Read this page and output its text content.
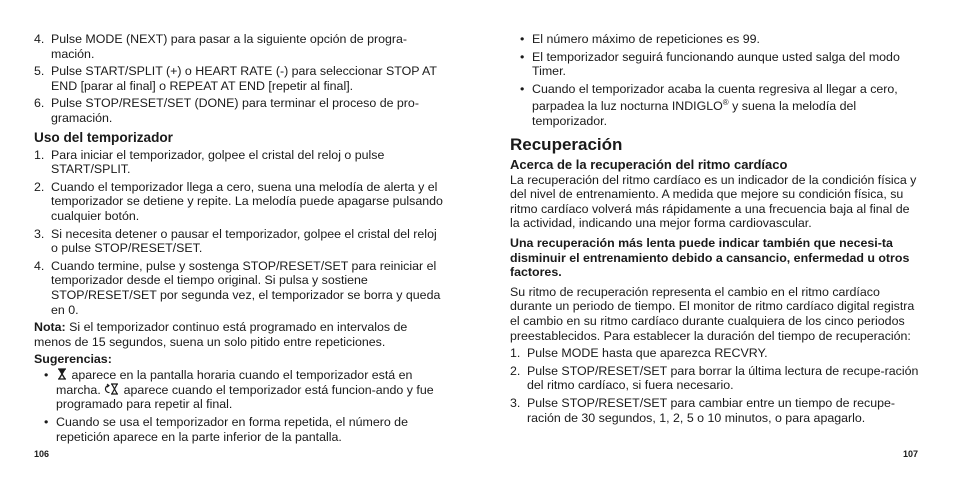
4. Pulse MODE (NEXT) para pasar a la siguiente opción de progra-mación.
5. Pulse START/SPLIT (+) o HEART RATE (-) para seleccionar STOP AT END [parar al final] o REPEAT AT END [repetir al final].
6. Pulse STOP/RESET/SET (DONE) para terminar el proceso de pro-gramación.
Uso del temporizador
1. Para iniciar el temporizador, golpee el cristal del reloj o pulse START/SPLIT.
2. Cuando el temporizador llega a cero, suena una melodía de alerta y el temporizador se detiene y repite. La melodía puede apagarse pulsando cualquier botón.
3. Si necesita detener o pausar el temporizador, golpee el cristal del reloj o pulse STOP/RESET/SET.
4. Cuando termine, pulse y sostenga STOP/RESET/SET para reiniciar el temporizador desde el tiempo original. Si pulsa y sostiene STOP/RESET/SET por segunda vez, el temporizador se borra y queda en 0.

Nota: Si el temporizador continuo está programado en intervalos de menos de 15 segundos, suena un solo pitido entre repeticiones.

Sugerencias:
• aparece en la pantalla horaria cuando el temporizador está en marcha.  aparece cuando el temporizador está funcion-ando y fue programado para repetir al final.
• Cuando se usa el temporizador en forma repetida, el número de repetición aparece en la parte inferior de la pantalla.
106
• El número máximo de repeticiones es 99.
• El temporizador seguirá funcionando aunque usted salga del modo Timer.
• Cuando el temporizador acaba la cuenta regresiva al llegar a cero, parpadea la luz nocturna INDIGLO® y suena la melodía del temporizador.
Recuperación
Acerca de la recuperación del ritmo cardíaco

La recuperación del ritmo cardíaco es un indicador de la condición física y del nivel de entrenamiento. A medida que mejore su condición física, su ritmo cardíaco volverá más rápidamente a una frecuencia baja al final de la actividad, indicando una mejor forma cardiovascular.

Una recuperación más lenta puede indicar también que necesi-ta disminuir el entrenamiento debido a cansancio, enfermedad u otros factores.

Su ritmo de recuperación representa el cambio en el ritmo cardíaco durante un periodo de tiempo. El monitor de ritmo cardíaco digital registra el cambio en su ritmo cardíaco durante cualquiera de los cinco periodos preestablecidos. Para establecer la duración del tiempo de recuperación:

1. Pulse MODE hasta que aparezca RECVRY.
2. Pulse STOP/RESET/SET para borrar la última lectura de recupe-ración del ritmo cardíaco, si fuera necesario.
3. Pulse STOP/RESET/SET para cambiar entre un tiempo de recupe-ración de 30 segundos, 1, 2, 5 o 10 minutos, o para apagarlo.
107
